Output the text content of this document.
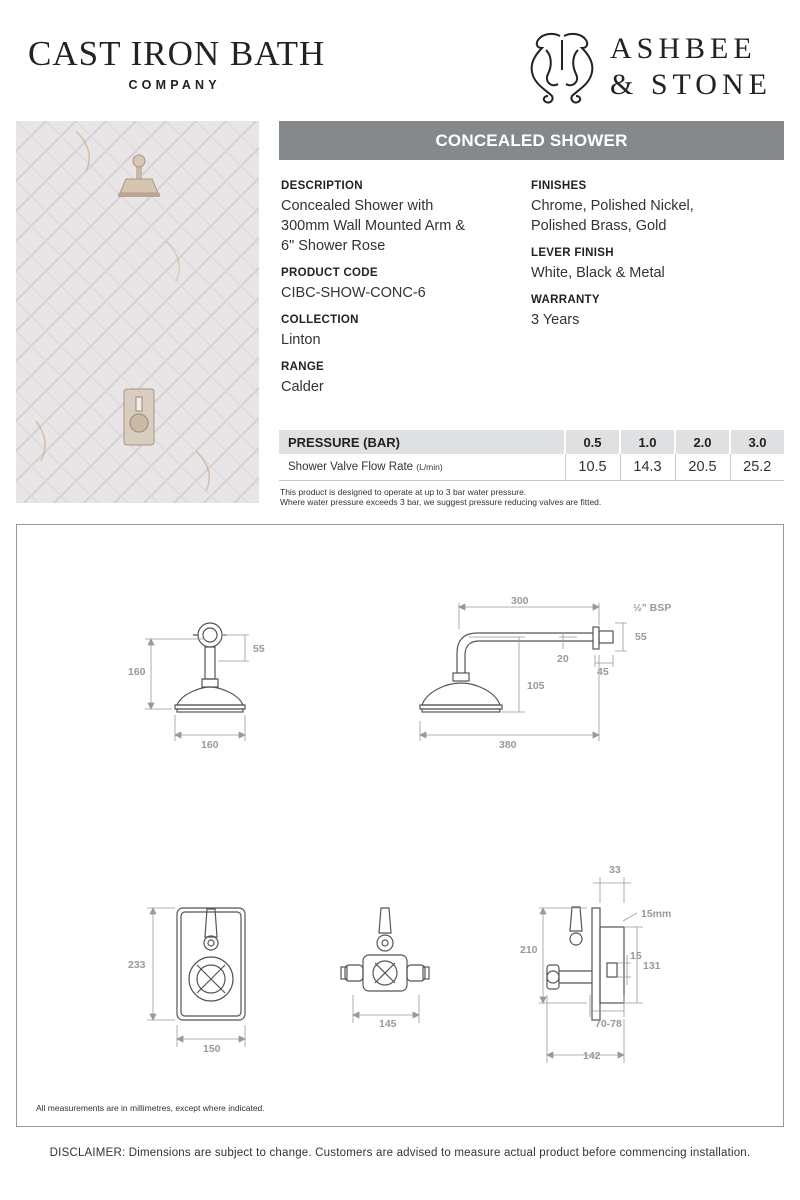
CAST IRON BATH
COMPANY
ASHBEE
& STONE
CONCEALED SHOWER
DESCRIPTION
Concealed Shower with 300mm Wall Mounted Arm & 6" Shower Rose
PRODUCT CODE
CIBC-SHOW-CONC-6
COLLECTION
Linton
RANGE
Calder
FINISHES
Chrome, Polished Nickel, Polished Brass, Gold
LEVER FINISH
White, Black & Metal
WARRANTY
3 Years
PRESSURE (BAR)	0.5	1.0	2.0	3.0
Shower Valve Flow Rate (L/min)	10.5	14.3	20.5	25.2
This product is designed to operate at up to 3 bar water pressure.
Where water pressure exceeds 3 bar, we suggest pressure reducing valves are fitted.
160
55
160
300
½" BSP
55
20
45
105
380
233
150
145
33
15mm
210
131
15
70-78
142
All measurements are in millimetres, except where indicated.
DISCLAIMER: Dimensions are subject to change. Customers are advised to measure actual product before commencing installation.
